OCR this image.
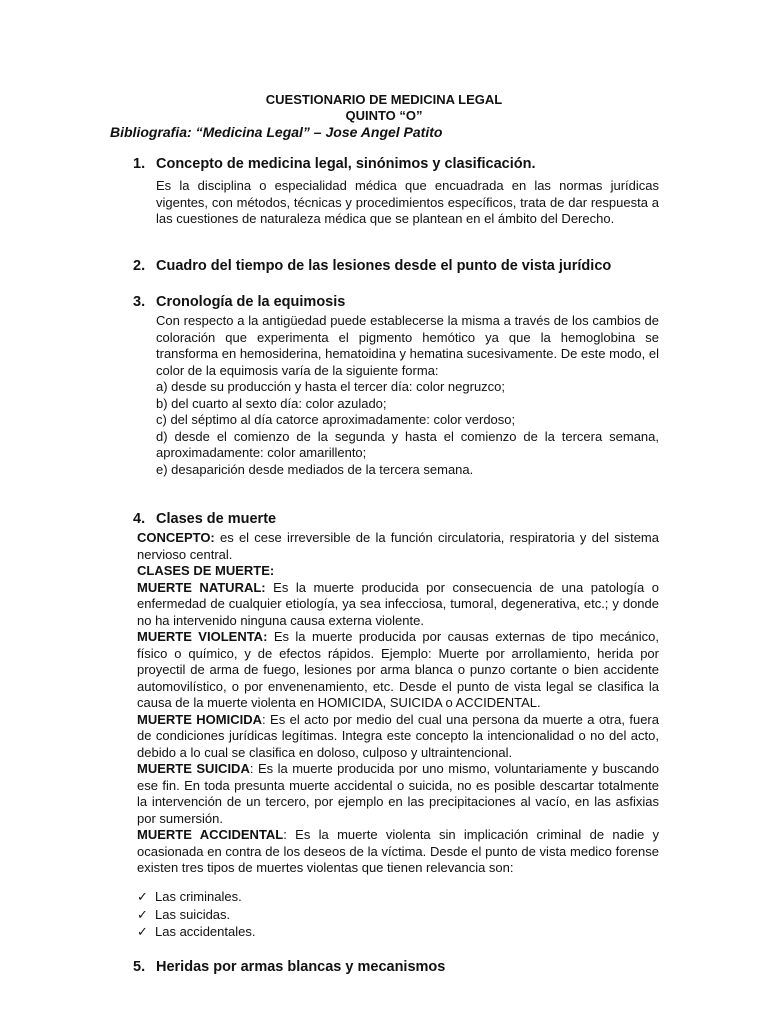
CUESTIONARIO DE MEDICINA LEGAL
QUINTO “O”
Bibliografia: “Medicina Legal” – Jose Angel Patito
1. Concepto de medicina legal, sinónimos y clasificación.

Es la disciplina o especialidad médica que encuadrada en las normas jurídicas vigentes, con métodos, técnicas y procedimientos específicos, trata de dar respuesta a las cuestiones de naturaleza médica que se plantean en el ámbito del Derecho.

2. Cuadro del tiempo de las lesiones desde el punto de vista jurídico
3. Cronología de la equimosis

Con respecto a la antigüedad puede establecerse la misma a través de los cambios de coloración que experimenta el pigmento hemótico ya que la hemoglobina se transforma en hemosiderina, hematoidina y hematina sucesivamente. De este modo, el color de la equimosis varía de la siguiente forma:

a) desde su producción y hasta el tercer día: color negruzco;

b) del cuarto al sexto día: color azulado;

c) del séptimo al día catorce aproximadamente: color verdoso;

d) desde el comienzo de la segunda y hasta el comienzo de la tercera semana, aproximadamente: color amarillento;

e) desaparición desde mediados de la tercera semana.

4. Clases de muerte

CONCEPTO: es el cese irreversible de la función circulatoria, respiratoria y del sistema nervioso central.

CLASES DE MUERTE:

MUERTE NATURAL: Es la muerte producida por consecuencia de una patología o enfermedad de cualquier etiología, ya sea infecciosa, tumoral, degenerativa, etc.; y donde no ha intervenido ninguna causa externa violente.

MUERTE VIOLENTA: Es la muerte producida por causas externas de tipo mecánico, físico o químico, y de efectos rápidos. Ejemplo: Muerte por arrollamiento, herida por proyectil de arma de fuego, lesiones por arma blanca o punzo cortante o bien accidente automovilístico, o por envenenamiento, etc. Desde el punto de vista legal se clasifica la causa de la muerte violenta en HOMICIDA, SUICIDA o ACCIDENTAL.

MUERTE HOMICIDA: Es el acto por medio del cual una persona da muerte a otra, fuera de condiciones jurídicas legítimas. Integra este concepto la intencionalidad o no del acto, debido a lo cual se clasifica en doloso, culposo y ultraintencional.

MUERTE SUICIDA: Es la muerte producida por uno mismo, voluntariamente y buscando ese fin. En toda presunta muerte accidental o suicida, no es posible descartar totalmente la intervención de un tercero, por ejemplo en las precipitaciones al vacío, en las asfixias por sumersión.

MUERTE ACCIDENTAL: Es la muerte violenta sin implicación criminal de nadie y ocasionada en contra de los deseos de la víctima. Desde el punto de vista medico forense existen tres tipos de muertes violentas que tienen relevancia son:

✓ Las criminales.
✓ Las suicidas.
✓ Las accidentales.
5. Heridas por armas blancas y mecanismos
